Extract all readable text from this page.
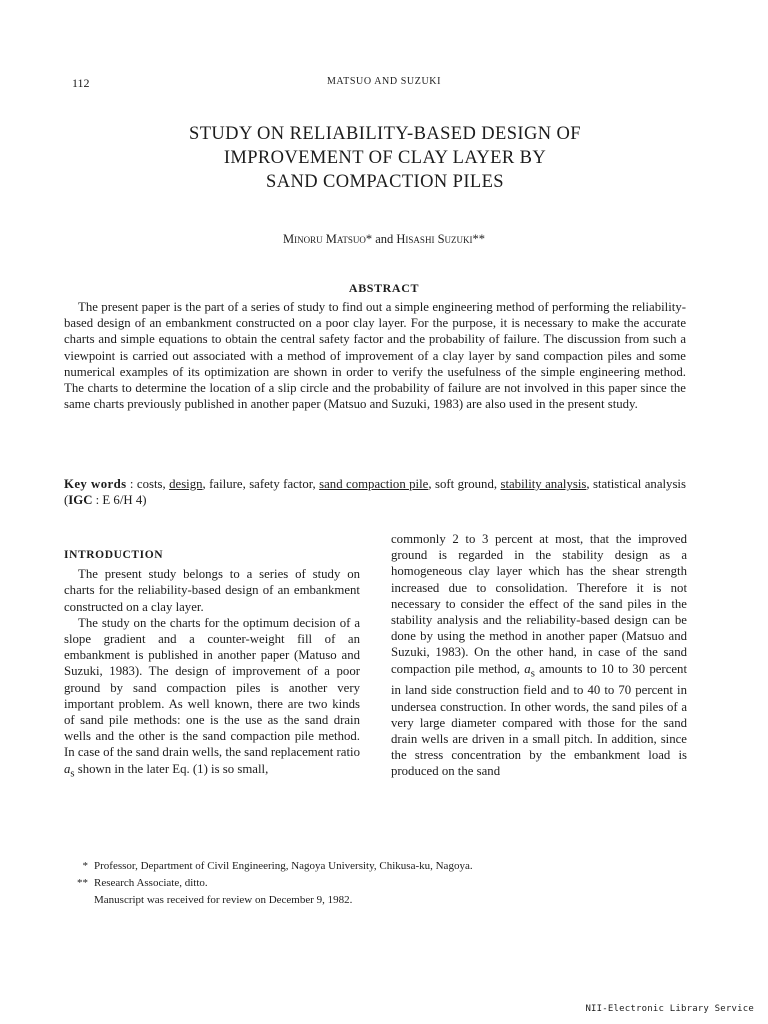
112	MATSUO AND SUZUKI
STUDY ON RELIABILITY-BASED DESIGN OF
IMPROVEMENT OF CLAY LAYER BY
SAND COMPACTION PILES
Minoru Matsuo* and Hisashi Suzuki**
ABSTRACT

The present paper is the part of a series of study to find out a simple engineering method of performing the reliability-based design of an embankment constructed on a poor clay layer. For the purpose, it is necessary to make the accurate charts and simple equations to obtain the central safety factor and the probability of failure. The discussion from such a viewpoint is carried out associated with a method of improvement of a clay layer by sand compaction piles and some numerical examples of its optimization are shown in order to verify the usefulness of the simple engineering method. The charts to determine the location of a slip circle and the probability of failure are not involved in this paper since the same charts previously published in another paper (Matsuo and Suzuki, 1983) are also used in the present study.

Key words : costs, design, failure, safety factor, sand compaction pile, soft ground, stability analysis, statistical analysis (IGC : E 6/H 4)
INTRODUCTION

The present study belongs to a series of study on charts for the reliability-based design of an embankment constructed on a clay layer.

The study on the charts for the optimum decision of a slope gradient and a counter-weight fill of an embankment is published in another paper (Matuso and Suzuki, 1983). The design of improvement of a poor ground by sand compaction piles is another very important problem. As well known, there are two kinds of sand pile methods: one is the use as the sand drain wells and the other is the sand compaction pile method. In case of the sand drain wells, the sand replacement ratio $a_s$ shown in the later Eq. (1) is so small,

commonly 2 to 3 percent at most, that the improved ground is regarded in the stability design as a homogeneous clay layer which has the shear strength increased due to consolidation. Therefore it is not necessary to consider the effect of the sand piles in the stability analysis and the reliability-based design can be done by using the method in another paper (Matsuo and Suzuki, 1983). On the other hand, in case of the sand compaction pile method, $a_s$ amounts to 10 to 30 percent in land side construction field and to 40 to 70 percent in undersea construction. In other words, the sand piles of a very large diameter compared with those for the sand drain wells are driven in a small pitch. In addition, since the stress concentration by the embankment load is produced on the sand

* Professor, Department of Civil Engineering, Nagoya University, Chikusa-ku, Nagoya.
** Research Associate, ditto.
Manuscript was received for review on December 9, 1982.
NII-Electronic Library Service
